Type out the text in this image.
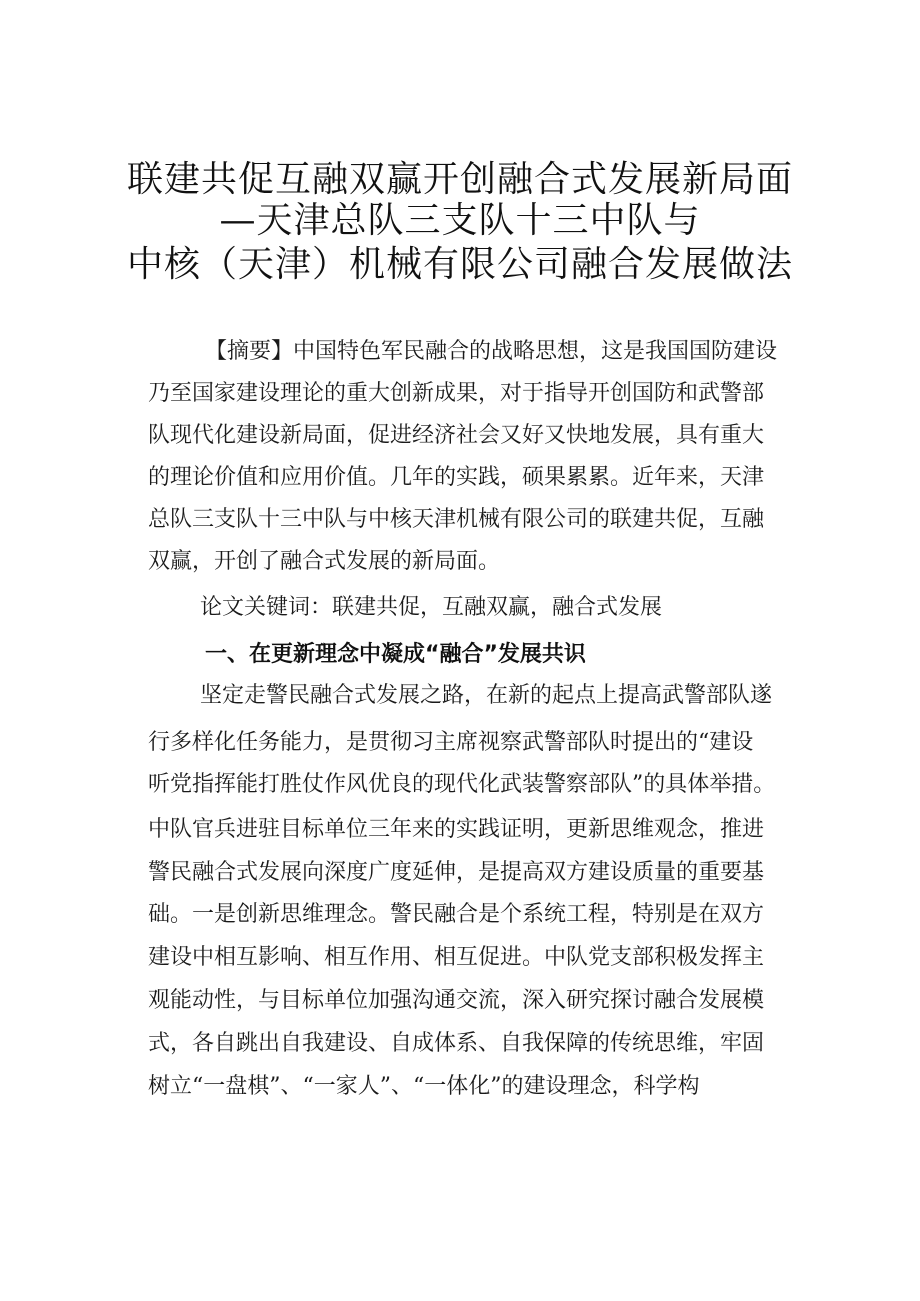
联建共促互融双赢开创融合式发展新局面
—天津总队三支队十三中队与
中核（天津）机械有限公司融合发展做法
【摘要】中国特色军民融合的战略思想，这是我国国防建设
乃至国家建设理论的重大创新成果，对于指导开创国防和武警部
队现代化建设新局面，促进经济社会又好又快地发展，具有重大
的理论价值和应用价值。几年的实践，硕果累累。近年来，天津
总队三支队十三中队与中核天津机械有限公司的联建共促，互融
双赢，开创了融合式发展的新局面。
论文关键词：联建共促，互融双赢，融合式发展
一、在更新理念中凝成“融合”发展共识
坚定走警民融合式发展之路，在新的起点上提高武警部队遂
行多样化任务能力，是贯彻习主席视察武警部队时提出的“建设
听党指挥能打胜仗作风优良的现代化武装警察部队”的具体举措。
中队官兵进驻目标单位三年来的实践证明，更新思维观念，推进
警民融合式发展向深度广度延伸，是提高双方建设质量的重要基
础。一是创新思维理念。警民融合是个系统工程，特别是在双方
建设中相互影响、相互作用、相互促进。中队党支部积极发挥主
观能动性，与目标单位加强沟通交流，深入研究探讨融合发展模
式，各自跳出自我建设、自成体系、自我保障的传统思维，牢固
树立“一盘棋”、“一家人”、“一体化”的建设理念，科学构
